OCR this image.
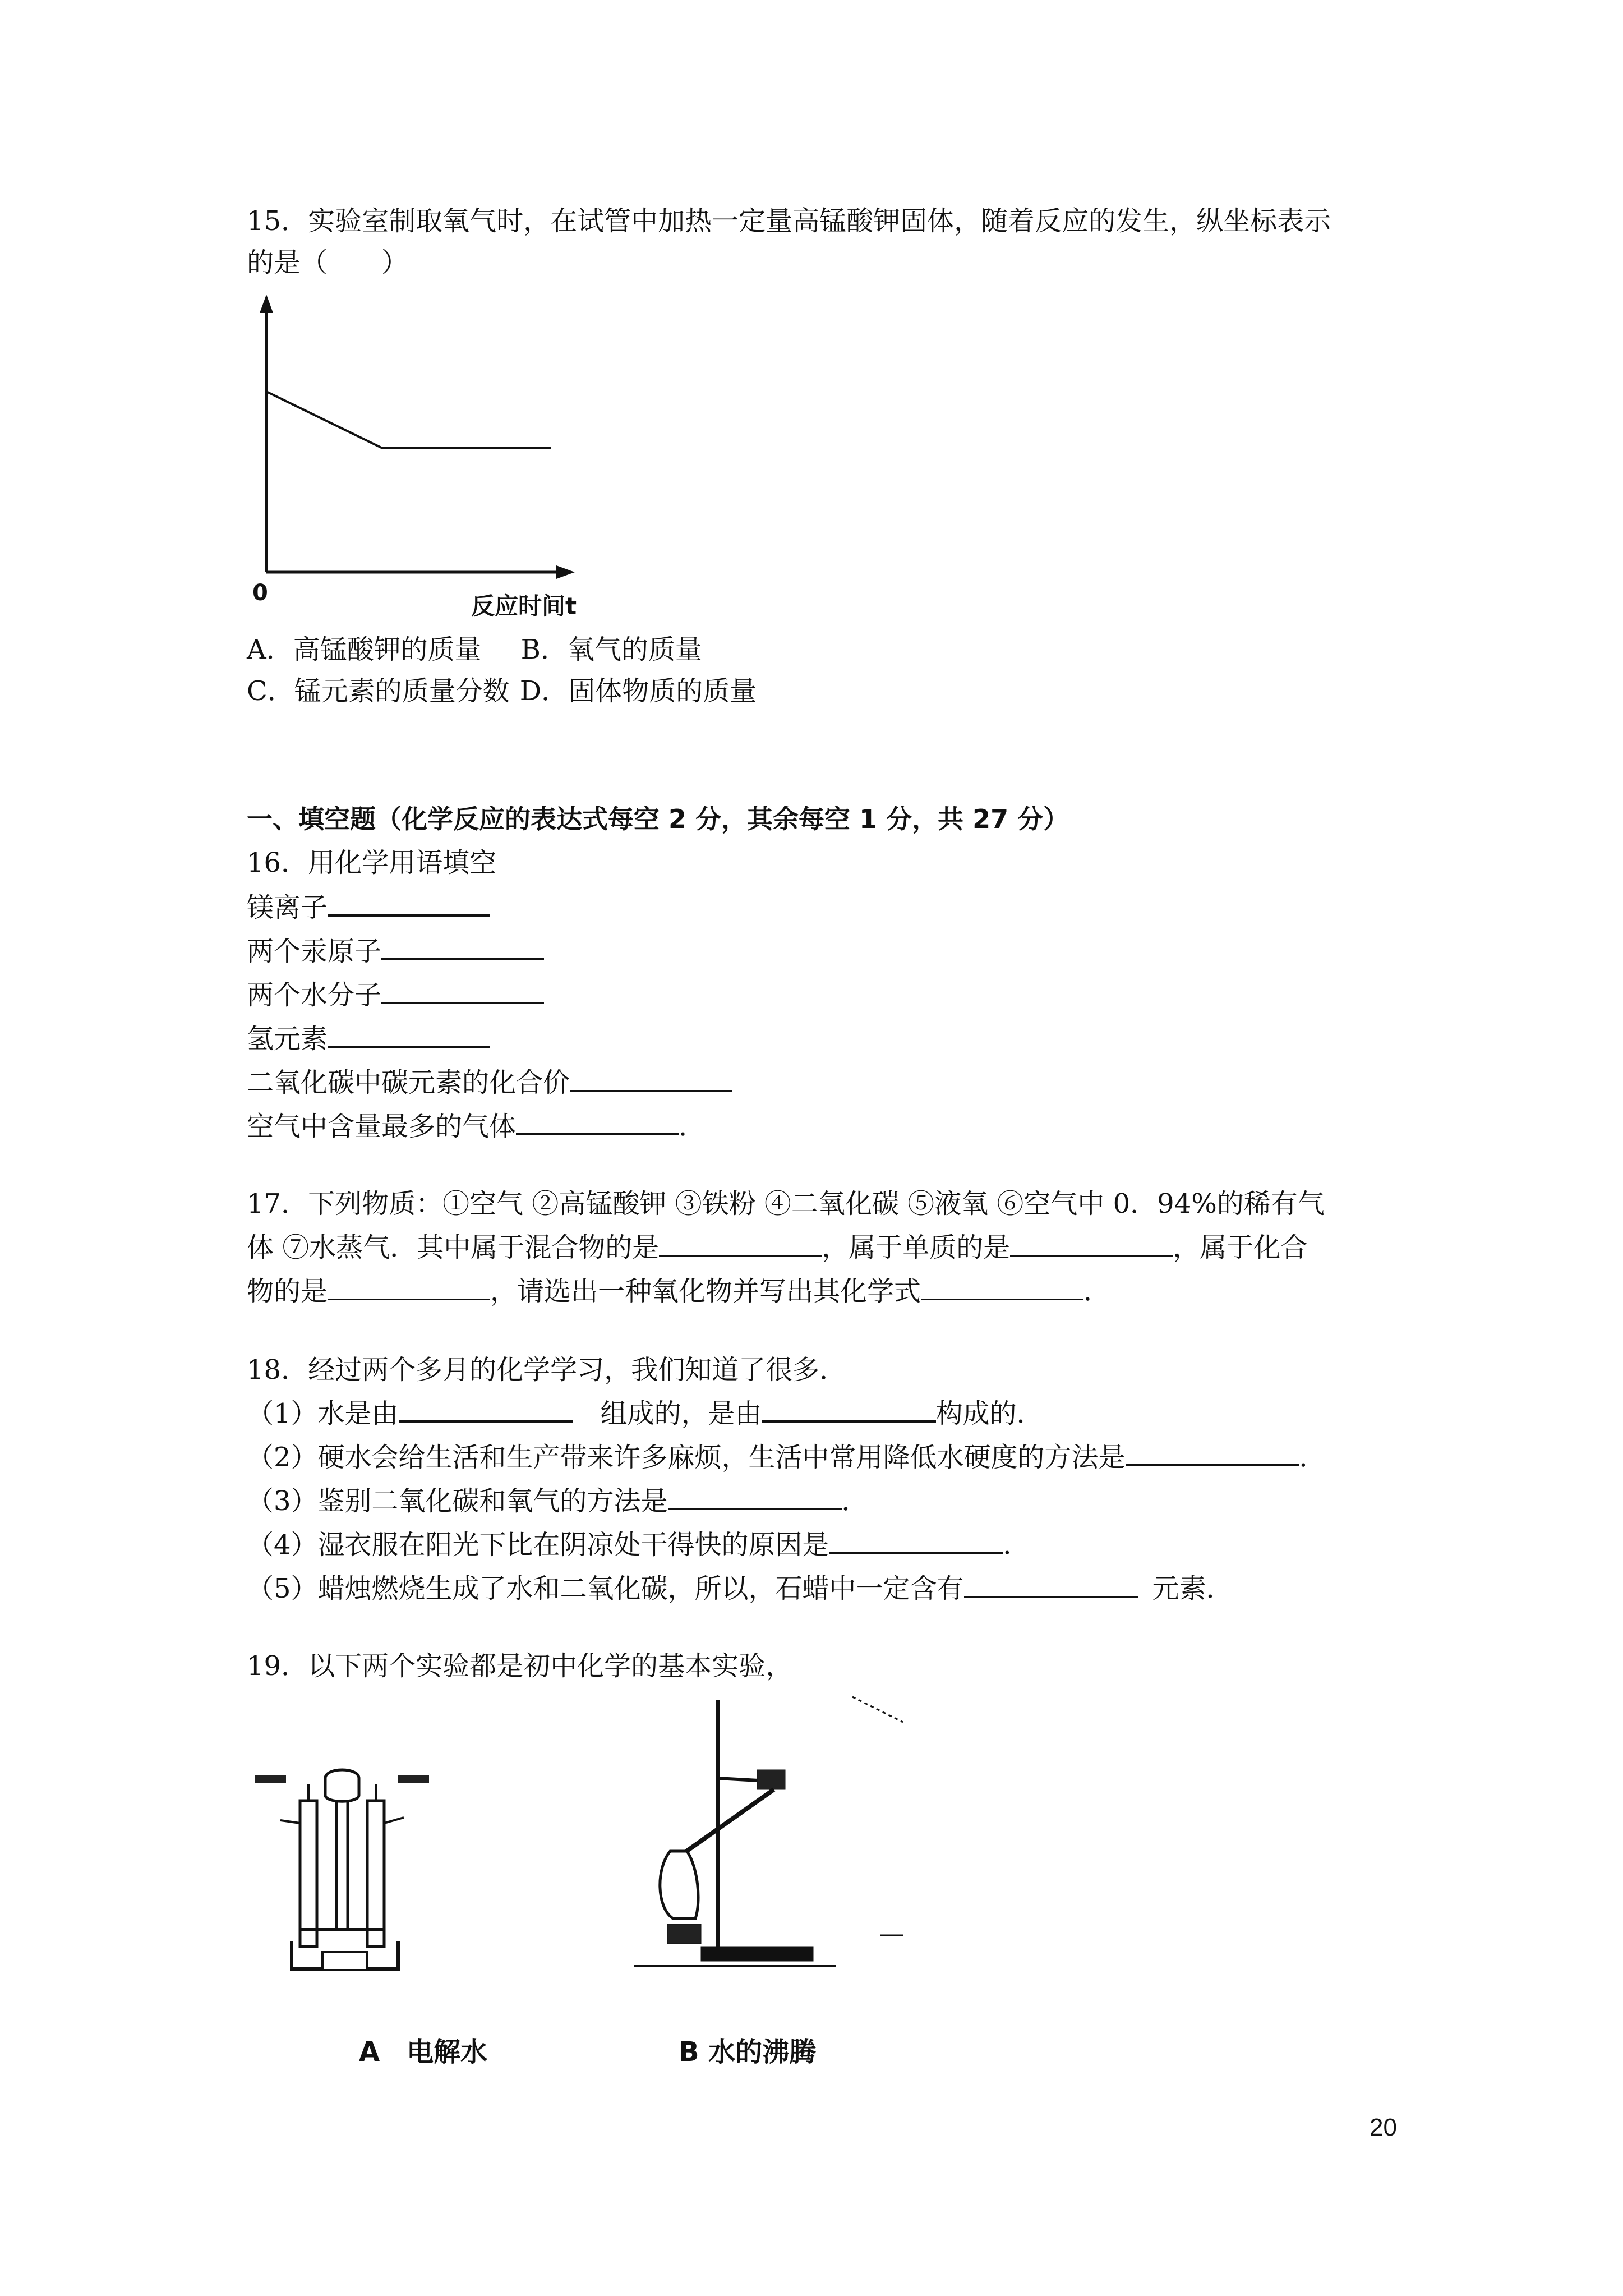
15．实验室制取氧气时，在试管中加热一定量高锰酸钾固体，随着反应的发生，纵坐标表示
的是（　　）
0	反应时间t
A．高锰酸钾的质量 B．氧气的质量
C．锰元素的质量分数 D．固体物质的质量
一、填空题（化学反应的表达式每空 2 分，其余每空 1 分，共 27 分）
16．用化学用语填空
镁离子
两个汞原子
两个水分子
氢元素
二氧化碳中碳元素的化合价
空气中含量最多的气体	．
17．下列物质：①空气 ②高锰酸钾 ③铁粉 ④二氧化碳 ⑤液氧 ⑥空气中 0．94%的稀有气
体 ⑦水蒸气．其中属于混合物的是	，属于单质的是	，属于化合
物的是	，请选出一种氧化物并写出其化学式	．
18．经过两个多月的化学学习，我们知道了很多．
（1）水是由	组成的，是由	构成的．
（2）硬水会给生活和生产带来许多麻烦，生活中常用降低水硬度的方法是	．
（3）鉴别二氧化碳和氧气的方法是	．
（4）湿衣服在阳光下比在阴凉处干得快的原因是	．
（5）蜡烛燃烧生成了水和二氧化碳，所以，石蜡中一定含有	元素．
19．以下两个实验都是初中化学的基本实验，
A　电解水	B 水的沸腾
20
